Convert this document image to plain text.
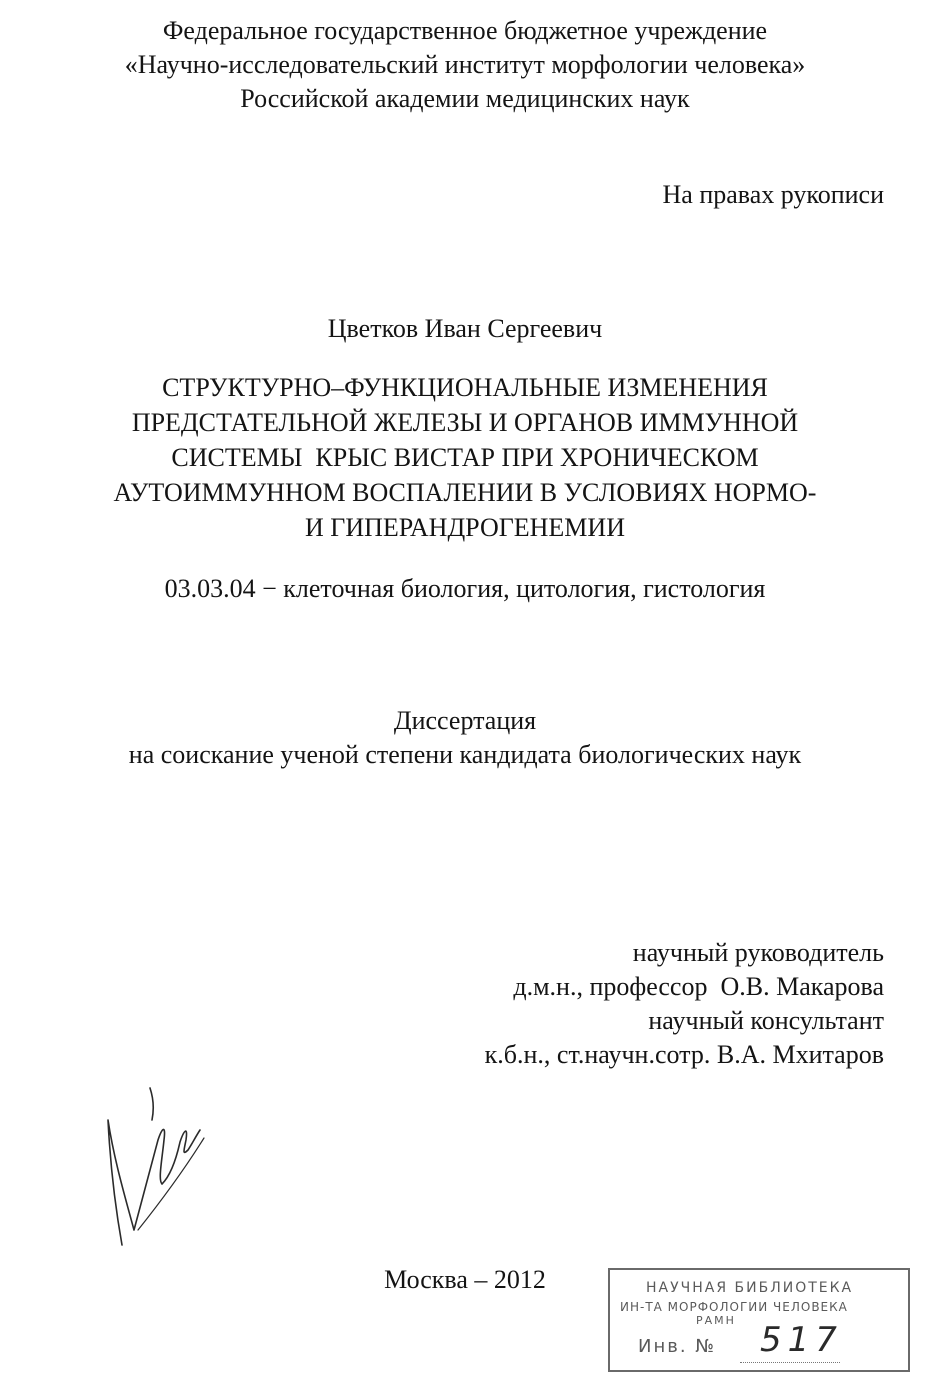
Федеральное государственное бюджетное учреждение
«Научно-исследовательский институт морфологии человека»
Российской академии медицинских наук
На правах рукописи
Цветков Иван Сергеевич
СТРУКТУРНО–ФУНКЦИОНАЛЬНЫЕ ИЗМЕНЕНИЯ
ПРЕДСТАТЕЛЬНОЙ ЖЕЛЕЗЫ И ОРГАНОВ ИММУННОЙ
СИСТЕМЫ  КРЫС ВИСТАР ПРИ ХРОНИЧЕСКОМ
АУТОИММУННОМ ВОСПАЛЕНИИ В УСЛОВИЯХ НОРМО-
И ГИПЕРАНДРОГЕНЕМИИ
03.03.04 − клеточная биология, цитология, гистология
Диссертация
на соискание ученой степени кандидата биологических наук
научный руководитель
д.м.н., профессор  О.В. Макарова
научный консультант
к.б.н., ст.научн.сотр. В.А. Мхитаров
Москва – 2012	НАУЧНАЯ БИБЛИОТЕКА
ИН-ТА МОРФОЛОГИИ ЧЕЛОВЕКА
РАМН
Инв. № 517
